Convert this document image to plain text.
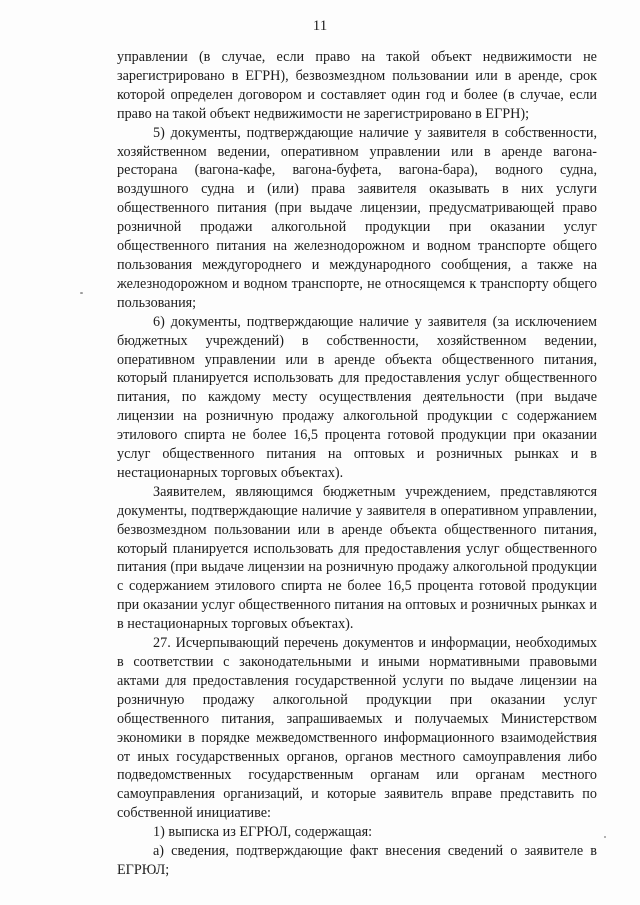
11

управлении (в случае, если право на такой объект недвижимости не зарегистрировано в ЕГРН), безвозмездном пользовании или в аренде, срок которой определен договором и составляет один год и более (в случае, если право на такой объект недвижимости не зарегистрировано в ЕГРН);

5) документы, подтверждающие наличие у заявителя в собственности, хозяйственном ведении, оперативном управлении или в аренде вагона-ресторана (вагона-кафе, вагона-буфета, вагона-бара), водного судна, воздушного судна и (или) права заявителя оказывать в них услуги общественного питания (при выдаче лицензии, предусматривающей право розничной продажи алкогольной продукции при оказании услуг общественного питания на железнодорожном и водном транспорте общего пользования междугороднего и международного сообщения, а также на железнодорожном и водном транспорте, не относящемся к транспорту общего пользования;

6) документы, подтверждающие наличие у заявителя (за исключением бюджетных учреждений) в собственности, хозяйственном ведении, оперативном управлении или в аренде объекта общественного питания, который планируется использовать для предоставления услуг общественного питания, по каждому месту осуществления деятельности (при выдаче лицензии на розничную продажу алкогольной продукции с содержанием этилового спирта не более 16,5 процента готовой продукции при оказании услуг общественного питания на оптовых и розничных рынках и в нестационарных торговых объектах).

Заявителем, являющимся бюджетным учреждением, представляются документы, подтверждающие наличие у заявителя в оперативном управлении, безвозмездном пользовании или в аренде объекта общественного питания, который планируется использовать для предоставления услуг общественного питания (при выдаче лицензии на розничную продажу алкогольной продукции с содержанием этилового спирта не более 16,5 процента готовой продукции при оказании услуг общественного питания на оптовых и розничных рынках и в нестационарных торговых объектах).

27. Исчерпывающий перечень документов и информации, необходимых в соответствии с законодательными и иными нормативными правовыми актами для предоставления государственной услуги по выдаче лицензии на розничную продажу алкогольной продукции при оказании услуг общественного питания, запрашиваемых и получаемых Министерством экономики в порядке межведомственного информационного взаимодействия от иных государственных органов, органов местного самоуправления либо подведомственных государственным органам или органам местного самоуправления организаций, и которые заявитель вправе представить по собственной инициативе:

1) выписка из ЕГРЮЛ, содержащая:

а) сведения, подтверждающие факт внесения сведений о заявителе в ЕГРЮЛ;
